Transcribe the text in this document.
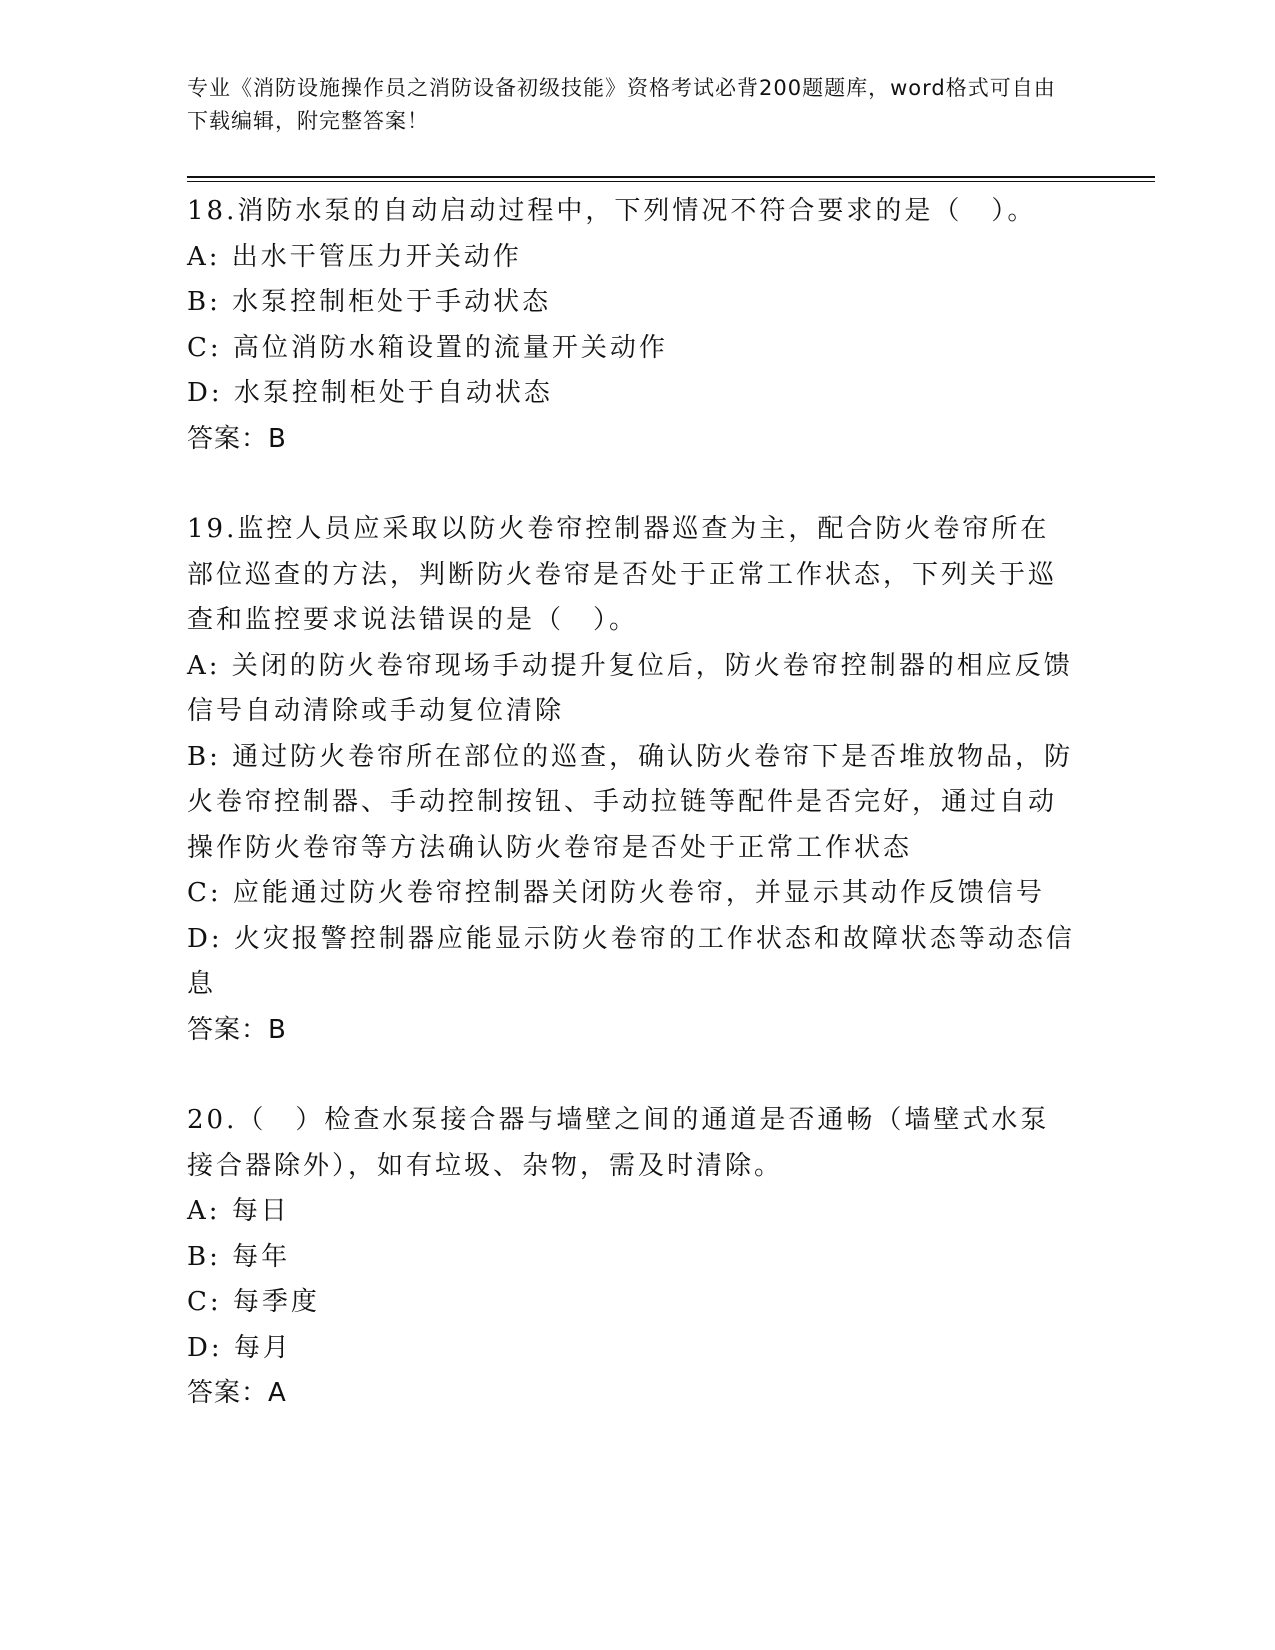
专业《消防设施操作员之消防设备初级技能》资格考试必背200题题库，word格式可自由下载编辑，附完整答案！

18.消防水泵的自动启动过程中，下列情况不符合要求的是（　）。

A: 出水干管压力开关动作

B: 水泵控制柜处于手动状态

C: 高位消防水箱设置的流量开关动作

D: 水泵控制柜处于自动状态

答案：B

19.监控人员应采取以防火卷帘控制器巡查为主，配合防火卷帘所在部位巡查的方法，判断防火卷帘是否处于正常工作状态，下列关于巡查和监控要求说法错误的是（　）。

A: 关闭的防火卷帘现场手动提升复位后，防火卷帘控制器的相应反馈信号自动清除或手动复位清除

B: 通过防火卷帘所在部位的巡查，确认防火卷帘下是否堆放物品，防火卷帘控制器、手动控制按钮、手动拉链等配件是否完好，通过自动操作防火卷帘等方法确认防火卷帘是否处于正常工作状态

C: 应能通过防火卷帘控制器关闭防火卷帘，并显示其动作反馈信号

D: 火灾报警控制器应能显示防火卷帘的工作状态和故障状态等动态信息

答案：B

20.（　）检查水泵接合器与墙壁之间的通道是否通畅（墙壁式水泵接合器除外），如有垃圾、杂物，需及时清除。

A: 每日

B: 每年

C: 每季度

D: 每月

答案：A
